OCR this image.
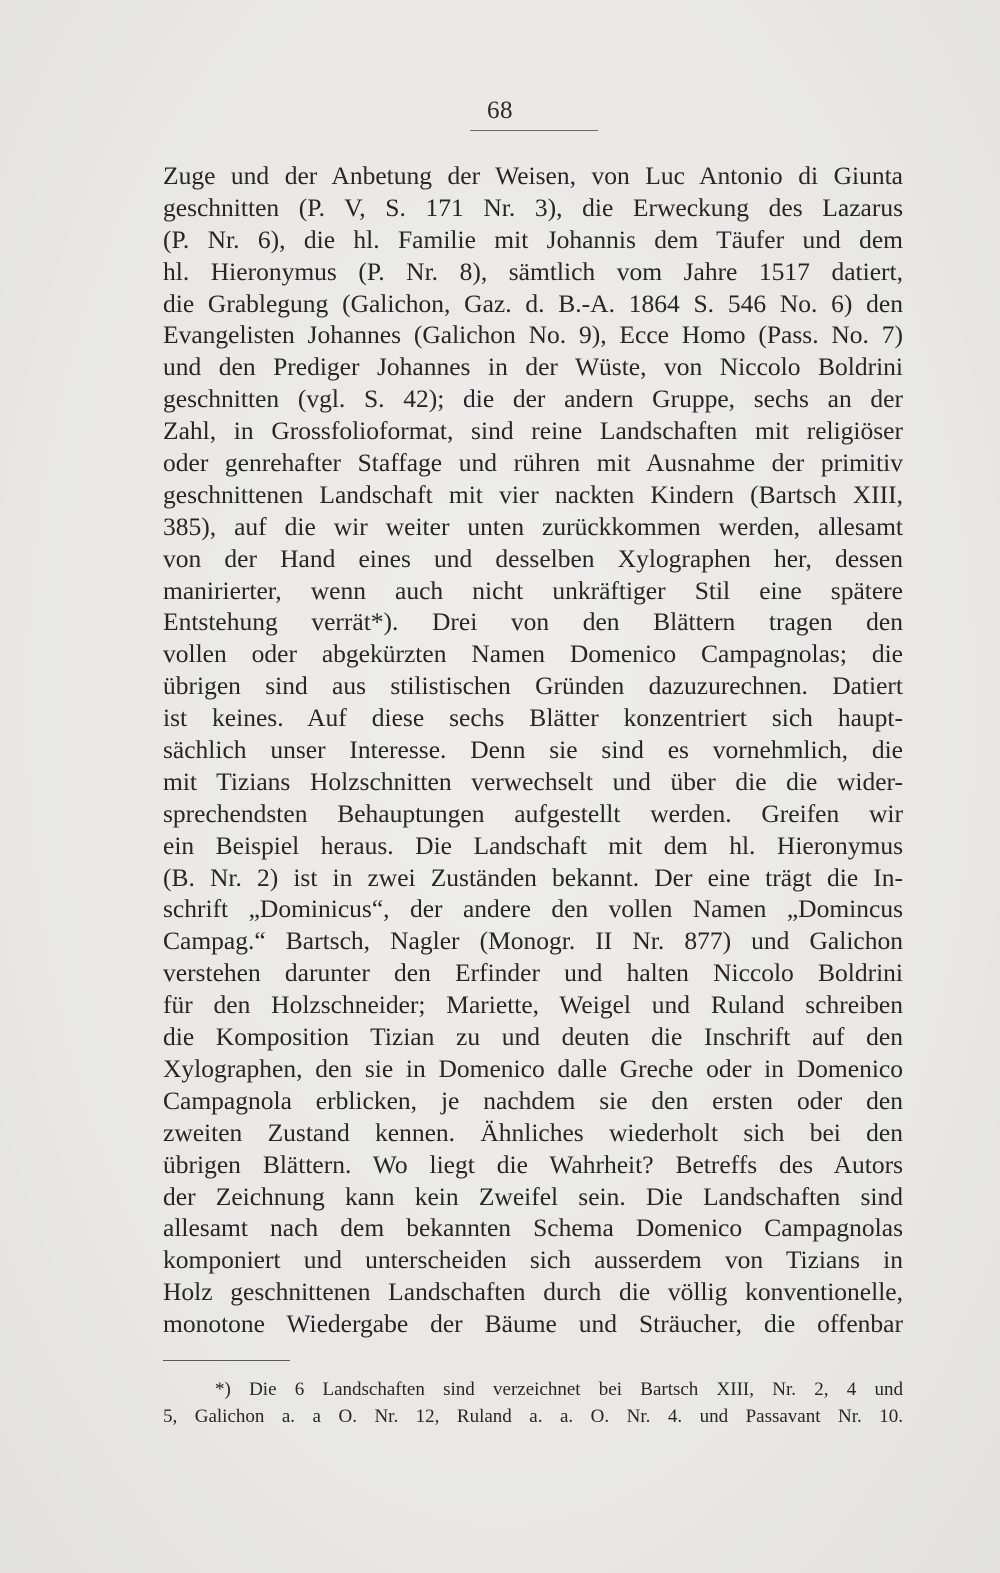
68
Zuge und der Anbetung der Weisen, von Luc Antonio di Giunta
geschnitten (P. V, S. 171 Nr. 3), die Erweckung des Lazarus
(P. Nr. 6), die hl. Familie mit Johannis dem Täufer und dem
hl. Hieronymus (P. Nr. 8), sämtlich vom Jahre 1517 datiert,
die Grablegung (Galichon, Gaz. d. B.-A. 1864 S. 546 No. 6) den
Evangelisten Johannes (Galichon No. 9), Ecce Homo (Pass. No. 7)
und den Prediger Johannes in der Wüste, von Niccolo Boldrini
geschnitten (vgl. S. 42); die der andern Gruppe, sechs an der
Zahl, in Grossfolioformat, sind reine Landschaften mit religiöser
oder genrehafter Staffage und rühren mit Ausnahme der primitiv
geschnittenen Landschaft mit vier nackten Kindern (Bartsch XIII,
385), auf die wir weiter unten zurückkommen werden, allesamt
von der Hand eines und desselben Xylographen her, dessen
manirierter, wenn auch nicht unkräftiger Stil eine spätere
Entstehung verrät*). Drei von den Blättern tragen den
vollen oder abgekürzten Namen Domenico Campagnolas; die
übrigen sind aus stilistischen Gründen dazuzurechnen. Datiert
ist keines. Auf diese sechs Blätter konzentriert sich haupt-
sächlich unser Interesse. Denn sie sind es vornehmlich, die
mit Tizians Holzschnitten verwechselt und über die die wider-
sprechendsten Behauptungen aufgestellt werden. Greifen wir
ein Beispiel heraus. Die Landschaft mit dem hl. Hieronymus
(B. Nr. 2) ist in zwei Zuständen bekannt. Der eine trägt die In-
schrift „Dominicus“, der andere den vollen Namen „Domincus
Campag.“ Bartsch, Nagler (Monogr. II Nr. 877) und Galichon
verstehen darunter den Erfinder und halten Niccolo Boldrini
für den Holzschneider; Mariette, Weigel und Ruland schreiben
die Komposition Tizian zu und deuten die Inschrift auf den
Xylographen, den sie in Domenico dalle Greche oder in Domenico
Campagnola erblicken, je nachdem sie den ersten oder den
zweiten Zustand kennen. Ähnliches wiederholt sich bei den
übrigen Blättern. Wo liegt die Wahrheit? Betreffs des Autors
der Zeichnung kann kein Zweifel sein. Die Landschaften sind
allesamt nach dem bekannten Schema Domenico Campagnolas
komponiert und unterscheiden sich ausserdem von Tizians in
Holz geschnittenen Landschaften durch die völlig konventionelle,
monotone Wiedergabe der Bäume und Sträucher, die offenbar
*) Die 6 Landschaften sind verzeichnet bei Bartsch XIII, Nr. 2, 4 und
5, Galichon a. a O. Nr. 12, Ruland a. a. O. Nr. 4. und Passavant Nr. 10.
